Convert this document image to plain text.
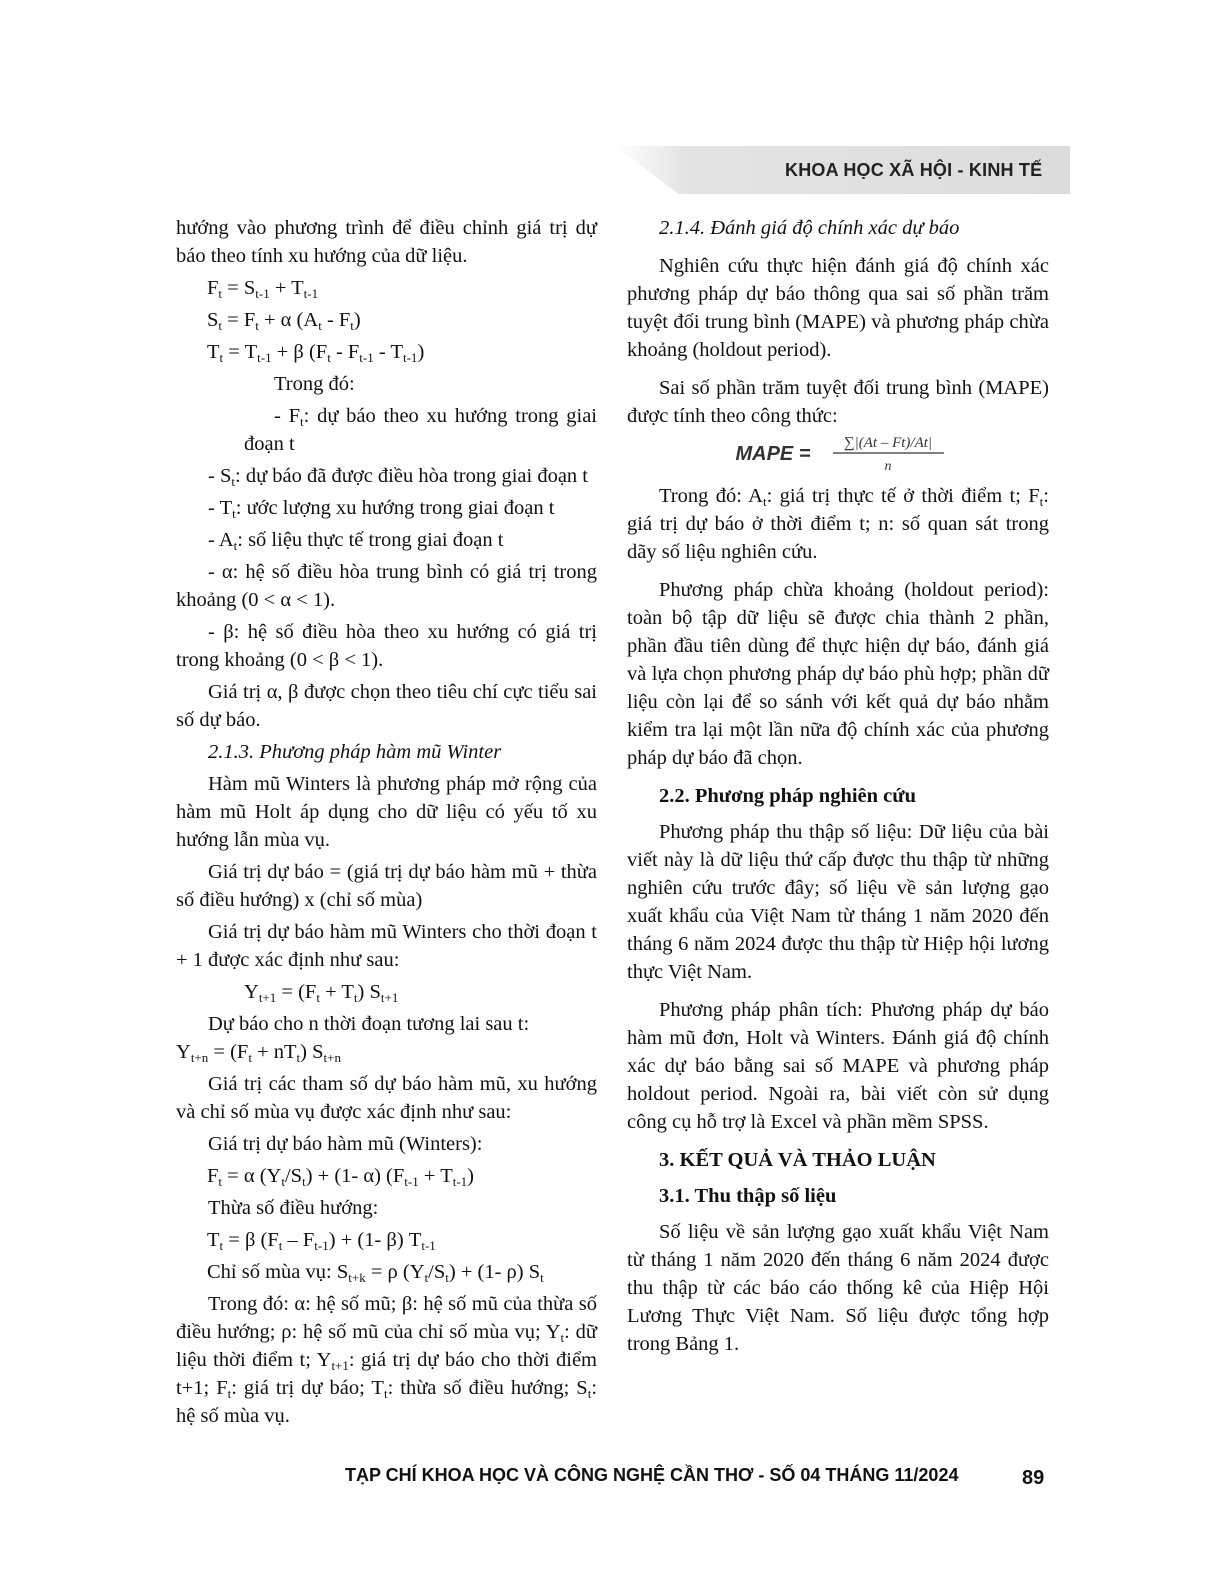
KHOA HỌC XÃ HỘI - KINH TẾ

hướng vào phương trình để điều chỉnh giá trị dự báo theo tính xu hướng của dữ liệu.

$F_t = S_{t-1} + T_{t-1}$
$S_t = F_t + \alpha$ $(A_t - F_t)$
$T_t = T_{t-1} + \beta$ $(F_t - F_{t-1} - T_{t-1})$
Trong đó:

- $F_t$: dự báo theo xu hướng trong giai đoạn t

- $S_t$: dự báo đã được điều hòa trong giai đoạn t

- $T_t$: ước lượng xu hướng trong giai đoạn t

- $A_t$: số liệu thực tế trong giai đoạn t

- α: hệ số điều hòa trung bình có giá trị trong khoảng (0 < α < 1).

- β: hệ số điều hòa theo xu hướng có giá trị trong khoảng (0 < β < 1).

Giá trị α, β được chọn theo tiêu chí cực tiểu sai số dự báo.

2.1.3. Phương pháp hàm mũ Winter

Hàm mũ Winters là phương pháp mở rộng của hàm mũ Holt áp dụng cho dữ liệu có yếu tố xu hướng lẫn mùa vụ.

Giá trị dự báo = (giá trị dự báo hàm mũ + thừa số điều hướng) x (chỉ số mùa)

Giá trị dự báo hàm mũ Winters cho thời đoạn t + 1 được xác định như sau:

$Y_{t+1} = (F_t + T_t)$ $S_{t+1}$

Dự báo cho n thời đoạn tương lai sau t:

$Y_{t+n} = (F_t + nT_t)$ $S_{t+n}$

Giá trị các tham số dự báo hàm mũ, xu hướng và chỉ số mùa vụ được xác định như sau:

Giá trị dự báo hàm mũ (Winters):

$F_t = \alpha$ $(Y_t/S_t) + (1-$ α) $(F_{t-1} + T_{t-1})$

Thừa số điều hướng:

$T_t = \beta$ $(F_t - F_{t-1}) + (1-$ β) $T_{t-1}$
Chỉ số mùa vụ: $S_{t+k} = \rho$ $(Y_t/S_t) + (1-$ ρ) $S_t$

Trong đó: α: hệ số mũ; β: hệ số mũ của thừa số điều hướng; ρ: hệ số mũ của chỉ số mùa vụ; $Y_t$: dữ liệu thời điểm t; $Y_{t+1}$: giá trị dự báo cho thời điểm t+1; $F_t$: giá trị dự báo; $T_t$: thừa số điều hướng; $S_t$: hệ số mùa vụ.

2.1.4. Đánh giá độ chính xác dự báo

Nghiên cứu thực hiện đánh giá độ chính xác phương pháp dự báo thông qua sai số phần trăm tuyệt đối trung bình (MAPE) và phương pháp chừa khoảng (holdout period).

Sai số phần trăm tuyệt đối trung bình (MAPE) được tính theo công thức:

MAPE = ∑|(At – Ft)/At|
n

Trong đó: $A_t$: giá trị thực tế ở thời điểm t; $F_t$: giá trị dự báo ở thời điểm t; n: số quan sát trong dãy số liệu nghiên cứu.

Phương pháp chừa khoảng (holdout period): toàn bộ tập dữ liệu sẽ được chia thành 2 phần, phần đầu tiên dùng để thực hiện dự báo, đánh giá và lựa chọn phương pháp dự báo phù hợp; phần dữ liệu còn lại để so sánh với kết quả dự báo nhằm kiểm tra lại một lần nữa độ chính xác của phương pháp dự báo đã chọn.

2.2. Phương pháp nghiên cứu

Phương pháp thu thập số liệu: Dữ liệu của bài viết này là dữ liệu thứ cấp được thu thập từ những nghiên cứu trước đây; số liệu về sản lượng gạo xuất khẩu của Việt Nam từ tháng 1 năm 2020 đến tháng 6 năm 2024 được thu thập từ Hiệp hội lương thực Việt Nam.

Phương pháp phân tích: Phương pháp dự báo hàm mũ đơn, Holt và Winters. Đánh giá độ chính xác dự báo bằng sai số MAPE và phương pháp holdout period. Ngoài ra, bài viết còn sử dụng công cụ hỗ trợ là Excel và phần mềm SPSS.

3. KẾT QUẢ VÀ THẢO LUẬN

3.1. Thu thập số liệu

Số liệu về sản lượng gạo xuất khẩu Việt Nam từ tháng 1 năm 2020 đến tháng 6 năm 2024 được thu thập từ các báo cáo thống kê của Hiệp Hội Lương Thực Việt Nam. Số liệu được tổng hợp trong Bảng 1.

TẠP CHÍ KHOA HỌC VÀ CÔNG NGHỆ CẦN THƠ - SỐ 04 THÁNG 11/2024	89
